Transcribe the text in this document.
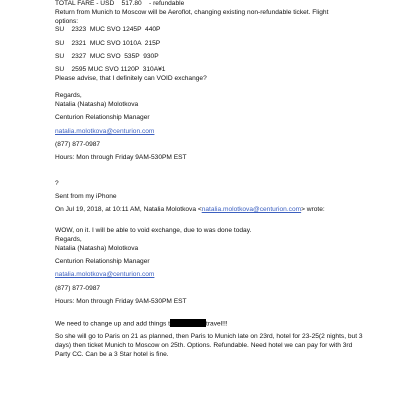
TOTAL FARE - USD    517.80    - refundable
Return from Munich to Moscow will be Aeroflot, changing existing non-refundable ticket. Flight
options:
SU    2323  MUC SVO 1245P  440P
SU    2321  MUC SVO 1010A  215P
SU    2327  MUC SVO  535P  930P
SU    2595 MUC SVO 1120P  310A¥1
Please advise, that I definitely can VOID exchange?
Regards,
Natalia (Natasha) Molotkova
Centurion Relationship Manager
natalia.molotkova@centurion.com
(877) 877-0987
Hours: Mon through Friday 9AM-530PM EST
?
Sent from my iPhone
On Jul 19, 2018, at 10:11 AM, Natalia Molotkova <natalia.molotkova@centurion.com> wrote:
WOW, on it. I will be able to void exchange, due to was done today.
Regards,
Natalia (Natasha) Molotkova
Centurion Relationship Manager
natalia.molotkova@centurion.com
(877) 877-0987
Hours: Mon through Friday 9AM-530PM EST
We need to change up and add things t	travel!!!
So she will go to Paris on 21 as planned, then Paris to Munich late on 23rd, hotel for 23-25(2 nights, but 3 days) then ticket Munich to Moscow on 25th. Options. Refundable. Need hotel we can pay for with 3rd Party CC. Can be a 3 Star hotel is fine.
